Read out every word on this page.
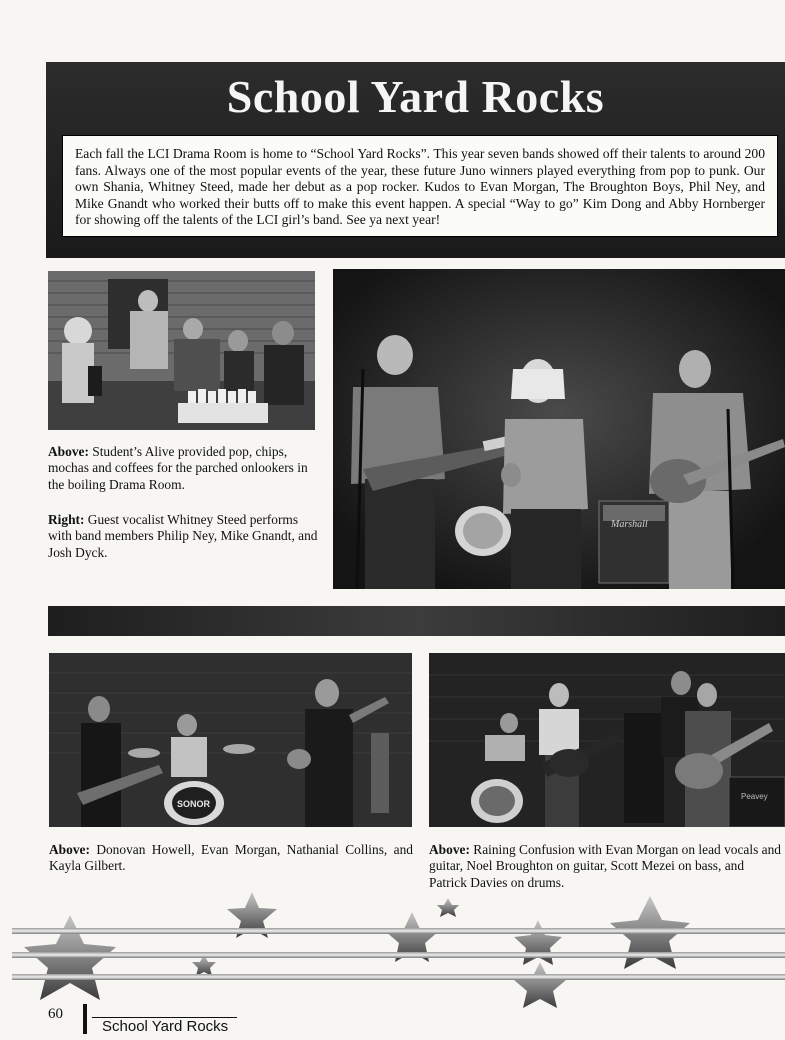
School Yard Rocks
Each fall the LCI Drama Room is home to “School Yard Rocks”. This year seven bands showed off their talents to around 200 fans. Always one of the most popular events of the year, these future Juno winners played everything from pop to punk. Our own Shania, Whitney Steed, made her debut as a pop rocker. Kudos to Evan Morgan, The Broughton Boys, Phil Ney, and Mike Gnandt who worked their butts off to make this event happen. A special “Way to go” Kim Dong and Abby Hornberger for showing off the talents of the LCI girl’s band. See ya next year!
Marshall
Above: Student’s Alive provided pop, chips, mochas and coffees for the parched onlookers in the boiling Drama Room.
Right: Guest vocalist Whitney Steed performs with band members Philip Ney, Mike Gnandt, and Josh Dyck.
SONOR
Peavey
Above: Donovan Howell, Evan Morgan, Nathanial Collins, and Kayla Gilbert.
Above: Raining Confusion with Evan Morgan on lead vocals and guitar, Noel Broughton on guitar, Scott Mezei on bass, and Patrick Davies on drums.
60
School Yard Rocks
